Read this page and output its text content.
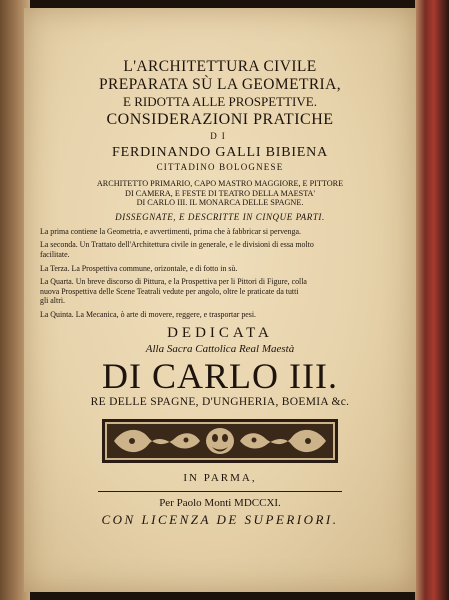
L'ARCHITETTURA CIVILE
PREPARATA SÙ LA GEOMETRIA,
E RIDOTTA ALLE PROSPETTIVE.
CONSIDERAZIONI PRATICHE
DI
FERDINANDO GALLI BIBIENA
CITTADINO BOLOGNESE
ARCHITETTO PRIMARIO, CAPO MASTRO MAGGIORE, E PITTORE
DI CAMERA, E FESTE DI TEATRO DELLA MAESTA'
DI CARLO III. IL MONARCA DELLE SPAGNE.
DISSEGNATE, E DESCRITTE IN CINQUE PARTI.
La prima contiene la Geometria, e avvertimenti, prima che à fabbricar si pervenga.
La seconda. Un Trattato dell'Architettura civile in generale, e le divisioni di essa molto
facilitate.
La Terza. La Prospettiva commune, orizontale, e di fotto in sù.
La Quarta. Un breve discorso di Pittura, e la Prospettiva per li Pittori di Figure, colla
nuova Prospettiva delle Scene Teatrali vedute per angolo, oltre le praticate da tutti
gli altri.
La Quinta. La Mecanica, ò arte di movere, reggere, e trasportar pesi.
DEDICATA
Alla Sacra Cattolica Real Maestà
DI CARLO III.
RE DELLE SPAGNE, D'UNGHERIA, BOEMIA &c.
IN PARMA,
Per Paolo Monti MDCCXI.
CON LICENZA DE SUPERIORI.
